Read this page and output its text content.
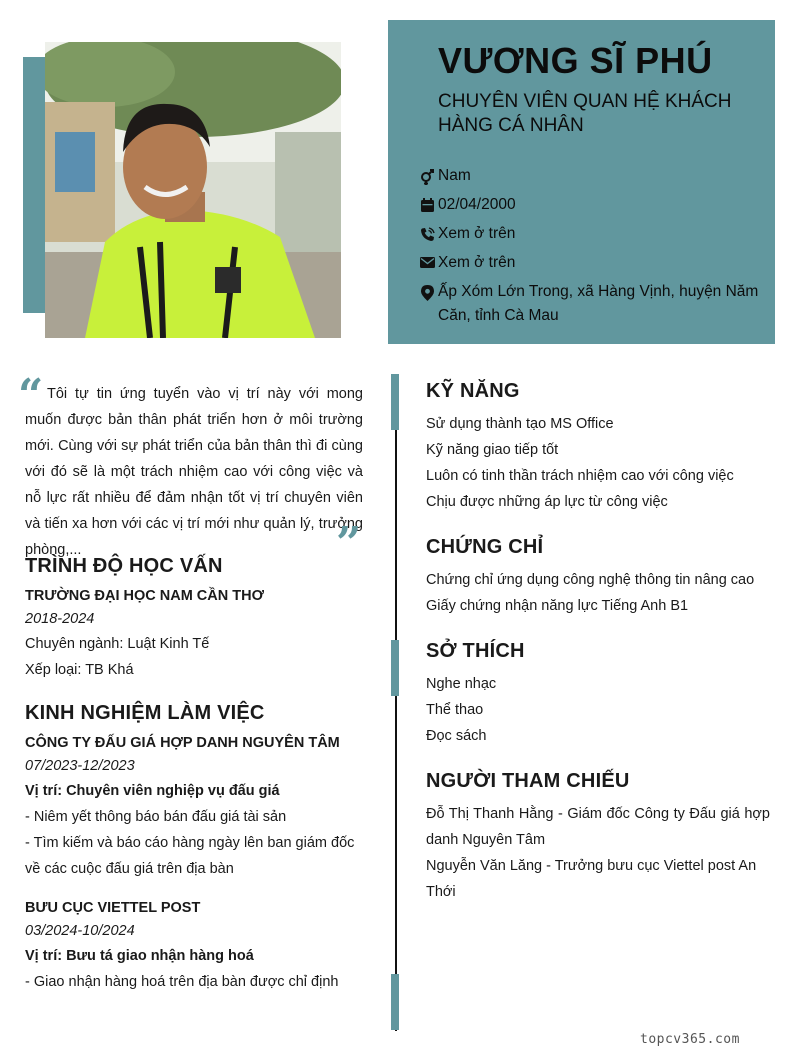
VƯƠNG SĨ PHÚ
CHUYÊN VIÊN QUAN HỆ KHÁCH HÀNG CÁ NHÂN
Nam
02/04/2000
Xem ở trên
Xem ở trên
Ấp Xóm Lớn Trong, xã Hàng Vịnh, huyện Năm Căn, tỉnh Cà Mau
“ Tôi tự tin ứng tuyển vào vị trí này với mong muốn được bản thân phát triển hơn ở môi trường mới. Cùng với sự phát triển của bản thân thì đi cùng với đó sẽ là một trách nhiệm cao với công việc và nỗ lực rất nhiều để đảm nhận tốt vị trí chuyên viên và tiến xa hơn với các vị trí mới như quản lý, trưởng phòng,...	”
TRÌNH ĐỘ HỌC VẤN
TRƯỜNG ĐẠI HỌC NAM CẦN THƠ
2018-2024
Chuyên ngành: Luật Kinh Tế
Xếp loại: TB Khá
KINH NGHIỆM LÀM VIỆC
CÔNG TY ĐẤU GIÁ HỢP DANH NGUYÊN TÂM
07/2023-12/2023
Vị trí: Chuyên viên nghiệp vụ đấu giá
- Niêm yết thông báo bán đấu giá tài sản
- Tìm kiếm và báo cáo hàng ngày lên ban giám đốc về các cuộc đấu giá trên địa bàn
BƯU CỤC VIETTEL POST
03/2024-10/2024
Vị trí: Bưu tá giao nhận hàng hoá
- Giao nhận hàng hoá trên địa bàn được chỉ định
KỸ NĂNG
Sử dụng thành tạo MS Office
Kỹ năng giao tiếp tốt
Luôn có tinh thần trách nhiệm cao với công việc
Chịu được những áp lực từ công việc
CHỨNG CHỈ
Chứng chỉ ứng dụng công nghệ thông tin nâng cao
Giấy chứng nhận năng lực Tiếng Anh B1
SỞ THÍCH
Nghe nhạc
Thể thao
Đọc sách
NGƯỜI THAM CHIẾU
Đỗ Thị Thanh Hằng - Giám đốc Công ty Đấu giá hợp danh Nguyên Tâm
Nguyễn Văn Lăng - Trưởng bưu cục Viettel post An Thới
topcv365.com
